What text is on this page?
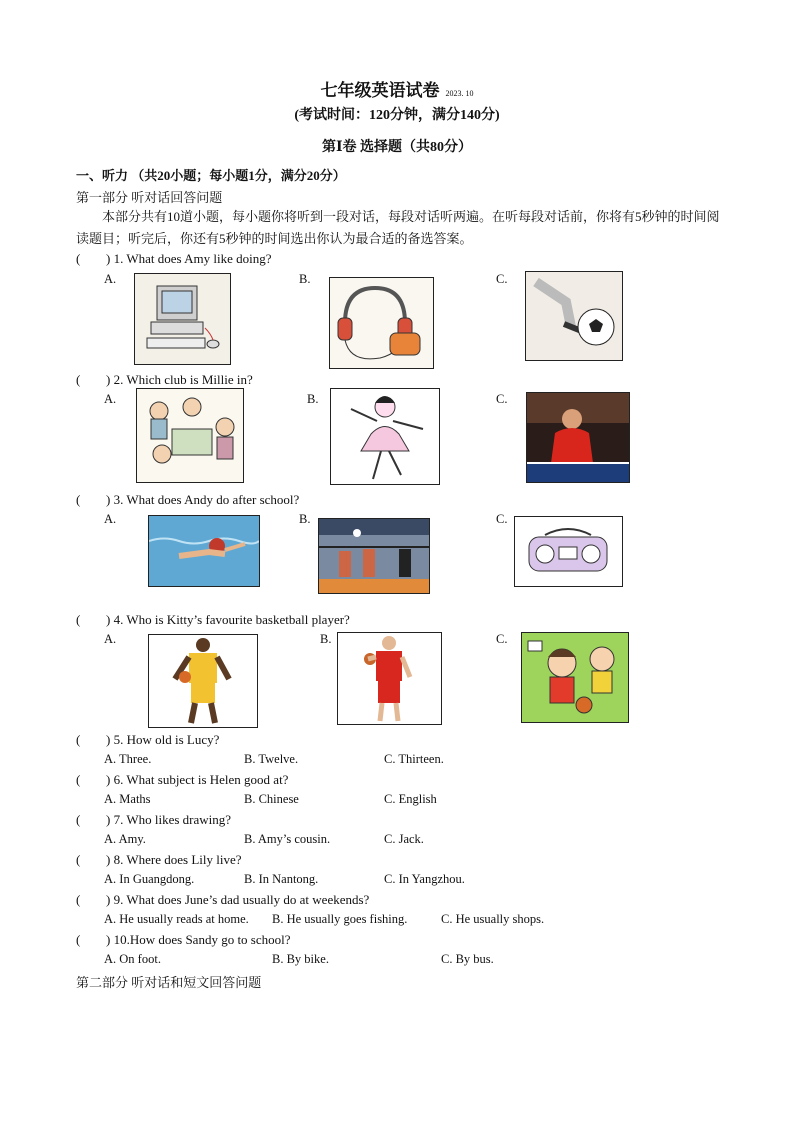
七年级英语试卷 2023. 10
(考试时间：120分钟，满分140分)
第Ⅰ卷 选择题（共80分）
一、听力 （共20小题；每小题1分，满分20分）
第一部分 听对话回答问题
本部分共有10道小题，每小题你将听到一段对话，每段对话听两遍。在听每段对话前，你将有5秒钟的时间阅读题目；听完后，你还有5秒钟的时间选出你认为最合适的备选答案。
( ) 1. What does Amy like doing?
A.	B.	C.
( ) 2. Which club is Millie in?
A.	B.	C.
( ) 3. What does Andy do after school?
A.	B.	C.
( ) 4. Who is Kitty’s favourite basketball player?
A.	B.	C.
( ) 5. How old is Lucy?
A. Three.	B. Twelve.	C. Thirteen.
( ) 6. What subject is Helen good at?
A. Maths	B. Chinese	C. English
( ) 7. Who likes drawing?
A. Amy.	B. Amy’s cousin.	C. Jack.
( ) 8. Where does Lily live?
A. In Guangdong.	B. In Nantong.	C. In Yangzhou.
( ) 9. What does June’s dad usually do at weekends?
A. He usually reads at home. B. He usually goes fishing.	C. He usually shops.
( ) 10.How does Sandy go to school?
A. On foot.	B. By bike.	C. By bus.
第二部分 听对话和短文回答问题
